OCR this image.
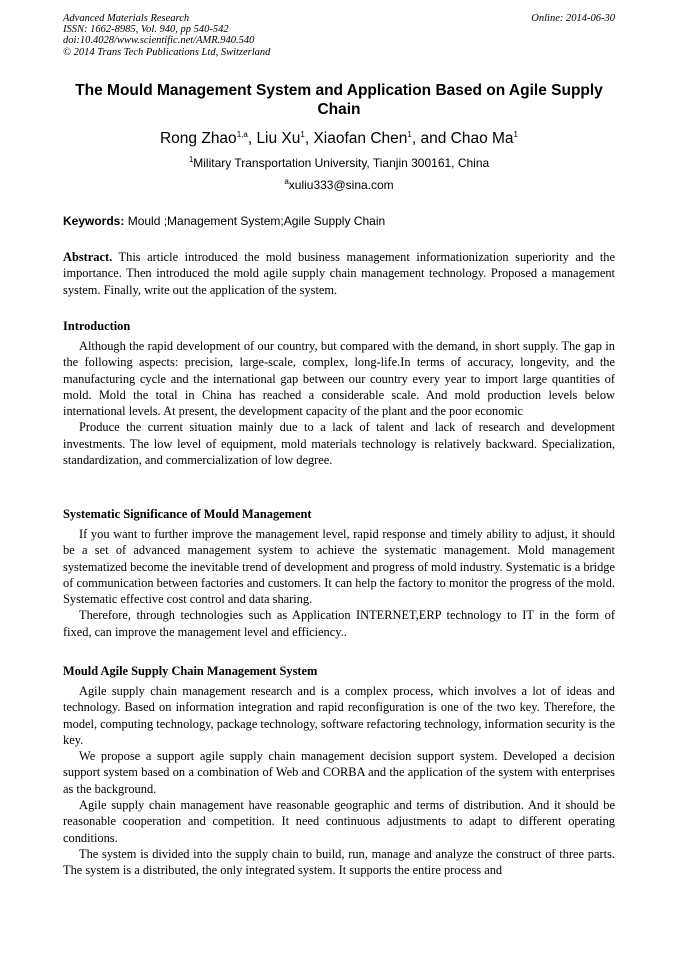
Advanced Materials Research
ISSN: 1662-8985, Vol. 940, pp 540-542
doi:10.4028/www.scientific.net/AMR.940.540
© 2014 Trans Tech Publications Ltd, Switzerland
Online: 2014-06-30
The Mould Management System and Application Based on Agile Supply Chain
Rong Zhao$^{1,a}$, Liu Xu$^1$, Xiaofan Chen$^1$, and Chao Ma$^1$
$^1$Military Transportation University, Tianjin 300161, China
$^a$xuliu333@sina.com
Keywords: Mould ;Management System;Agile Supply Chain
Abstract. This article introduced the mold business management informationization superiority and the importance. Then introduced the mold agile supply chain management technology. Proposed a management system. Finally, write out the application of the system.
Introduction

Although the rapid development of our country, but compared with the demand, in short supply. The gap in the following aspects: precision, large-scale, complex, long-life.In terms of accuracy, longevity, and the manufacturing cycle and the international gap between our country every year to import large quantities of mold. Mold the total in China has reached a considerable scale. And mold production levels below international levels. At present, the development capacity of the plant and the poor economic

Produce the current situation mainly due to a lack of talent and lack of research and development investments. The low level of equipment, mold materials technology is relatively backward. Specialization, standardization, and commercialization of low degree.

Systematic Significance of Mould Management

If you want to further improve the management level, rapid response and timely ability to adjust, it should be a set of advanced management system to achieve the systematic management. Mold management systematized become the inevitable trend of development and progress of mold industry. Systematic is a bridge of communication between factories and customers. It can help the factory to monitor the progress of the mold. Systematic effective cost control and data sharing.

Therefore, through technologies such as Application INTERNET,ERP technology to IT in the form of fixed, can improve the management level and efficiency..

Mould Agile Supply Chain Management System

Agile supply chain management research and is a complex process, which involves a lot of ideas and technology. Based on information integration and rapid reconfiguration is one of the two key. Therefore, the model, computing technology, package technology, software refactoring technology, information security is the key.

We propose a support agile supply chain management decision support system. Developed a decision support system based on a combination of Web and CORBA and the application of the system with enterprises as the background.

Agile supply chain management have reasonable geographic and terms of distribution. And it should be reasonable cooperation and competition. It need continuous adjustments to adapt to different operating conditions.

The system is divided into the supply chain to build, run, manage and analyze the construct of three parts. The system is a distributed, the only integrated system. It supports the entire process and
